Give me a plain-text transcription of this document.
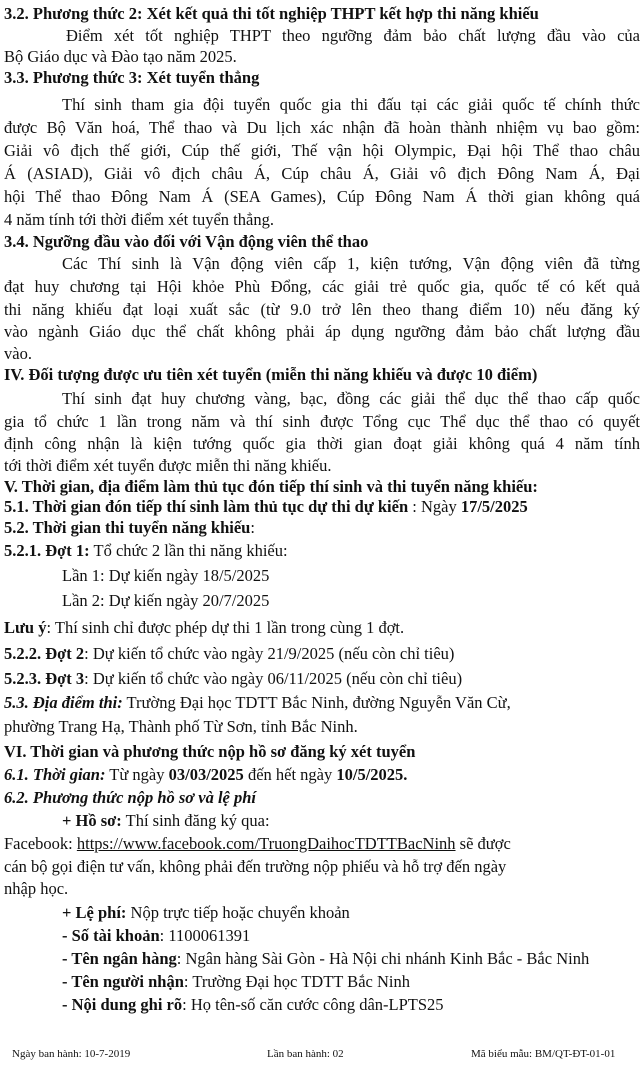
3.2. Phương thức 2: Xét kết quả thi tốt nghiệp THPT kết hợp thi năng khiếu
Điểm xét tốt nghiệp THPT theo ngưỡng đảm bảo chất lượng đầu vào của
Bộ Giáo dục và Đào tạo năm 2025.
3.3. Phương thức 3: Xét tuyển thẳng
Thí sinh tham gia đội tuyển quốc gia thi đấu tại các giải quốc tế chính thức
được Bộ Văn hoá, Thể thao và Du lịch xác nhận đã hoàn thành nhiệm vụ bao gồm:
Giải vô địch thế giới, Cúp thế giới, Thế vận hội Olympic, Đại hội Thể thao châu
Á (ASIAD), Giải vô địch châu Á, Cúp châu Á, Giải vô địch Đông Nam Á, Đại
hội Thể thao Đông Nam Á (SEA Games), Cúp Đông Nam Á thời gian không quá
4 năm tính tới thời điểm xét tuyển thẳng.
3.4. Ngưỡng đầu vào đối với Vận động viên thể thao
Các Thí sinh là Vận động viên cấp 1, kiện tướng, Vận động viên đã từng
đạt huy chương tại Hội khỏe Phù Đổng, các giải trẻ quốc gia, quốc tế có kết quả
thi năng khiếu đạt loại xuất sắc (từ 9.0 trở lên theo thang điểm 10) nếu đăng ký
vào ngành Giáo dục thể chất không phải áp dụng ngưỡng đảm bảo chất lượng đầu
vào.
IV. Đối tượng được ưu tiên xét tuyển (miễn thi năng khiếu và được 10 điểm)
Thí sinh đạt huy chương vàng, bạc, đồng các giải thể dục thể thao cấp quốc
gia tổ chức 1 lần trong năm và thí sinh được Tổng cục Thể dục thể thao có quyết
định công nhận là kiện tướng quốc gia thời gian đoạt giải không quá 4 năm tính
tới thời điểm xét tuyển được miễn thi năng khiếu.
V. Thời gian, địa điểm làm thủ tục đón tiếp thí sinh và thi tuyển năng khiếu:
5.1. Thời gian đón tiếp thí sinh làm thủ tục dự thi dự kiến : Ngày 17/5/2025
5.2. Thời gian thi tuyển năng khiếu:
5.2.1. Đợt 1: Tổ chức 2 lần thi năng khiếu:
Lần 1: Dự kiến ngày 18/5/2025
Lần 2: Dự kiến ngày 20/7/2025
Lưu ý: Thí sinh chỉ được phép dự thi 1 lần trong cùng 1 đợt.
5.2.2. Đợt 2: Dự kiến tổ chức vào ngày 21/9/2025 (nếu còn chỉ tiêu)
5.2.3. Đợt 3: Dự kiến tổ chức vào ngày 06/11/2025 (nếu còn chỉ tiêu)
5.3. Địa điểm thi: Trường Đại học TDTT Bắc Ninh, đường Nguyễn Văn Cừ,
phường Trang Hạ, Thành phố Từ Sơn, tỉnh Bắc Ninh.
VI. Thời gian và phương thức nộp hồ sơ đăng ký xét tuyển
6.1. Thời gian: Từ ngày 03/03/2025 đến hết ngày 10/5/2025.
6.2. Phương thức nộp hồ sơ và lệ phí
+ Hồ sơ: Thí sinh đăng ký qua:
Facebook: https://www.facebook.com/TruongDaihocTDTTBacNinh sẽ được
cán bộ gọi điện tư vấn, không phải đến trường nộp phiếu và hỗ trợ đến ngày
nhập học.
+ Lệ phí: Nộp trực tiếp hoặc chuyển khoản
- Số tài khoản: 1100061391
- Tên ngân hàng: Ngân hàng Sài Gòn - Hà Nội chi nhánh Kinh Bắc - Bắc Ninh
- Tên người nhận: Trường Đại học TDTT Bắc Ninh
- Nội dung ghi rõ: Họ tên-số căn cước công dân-LPTS25
Ngày ban hành: 10-7-2019	Lần ban hành: 02	Mã biểu mẫu: BM/QT-ĐT-01-01
